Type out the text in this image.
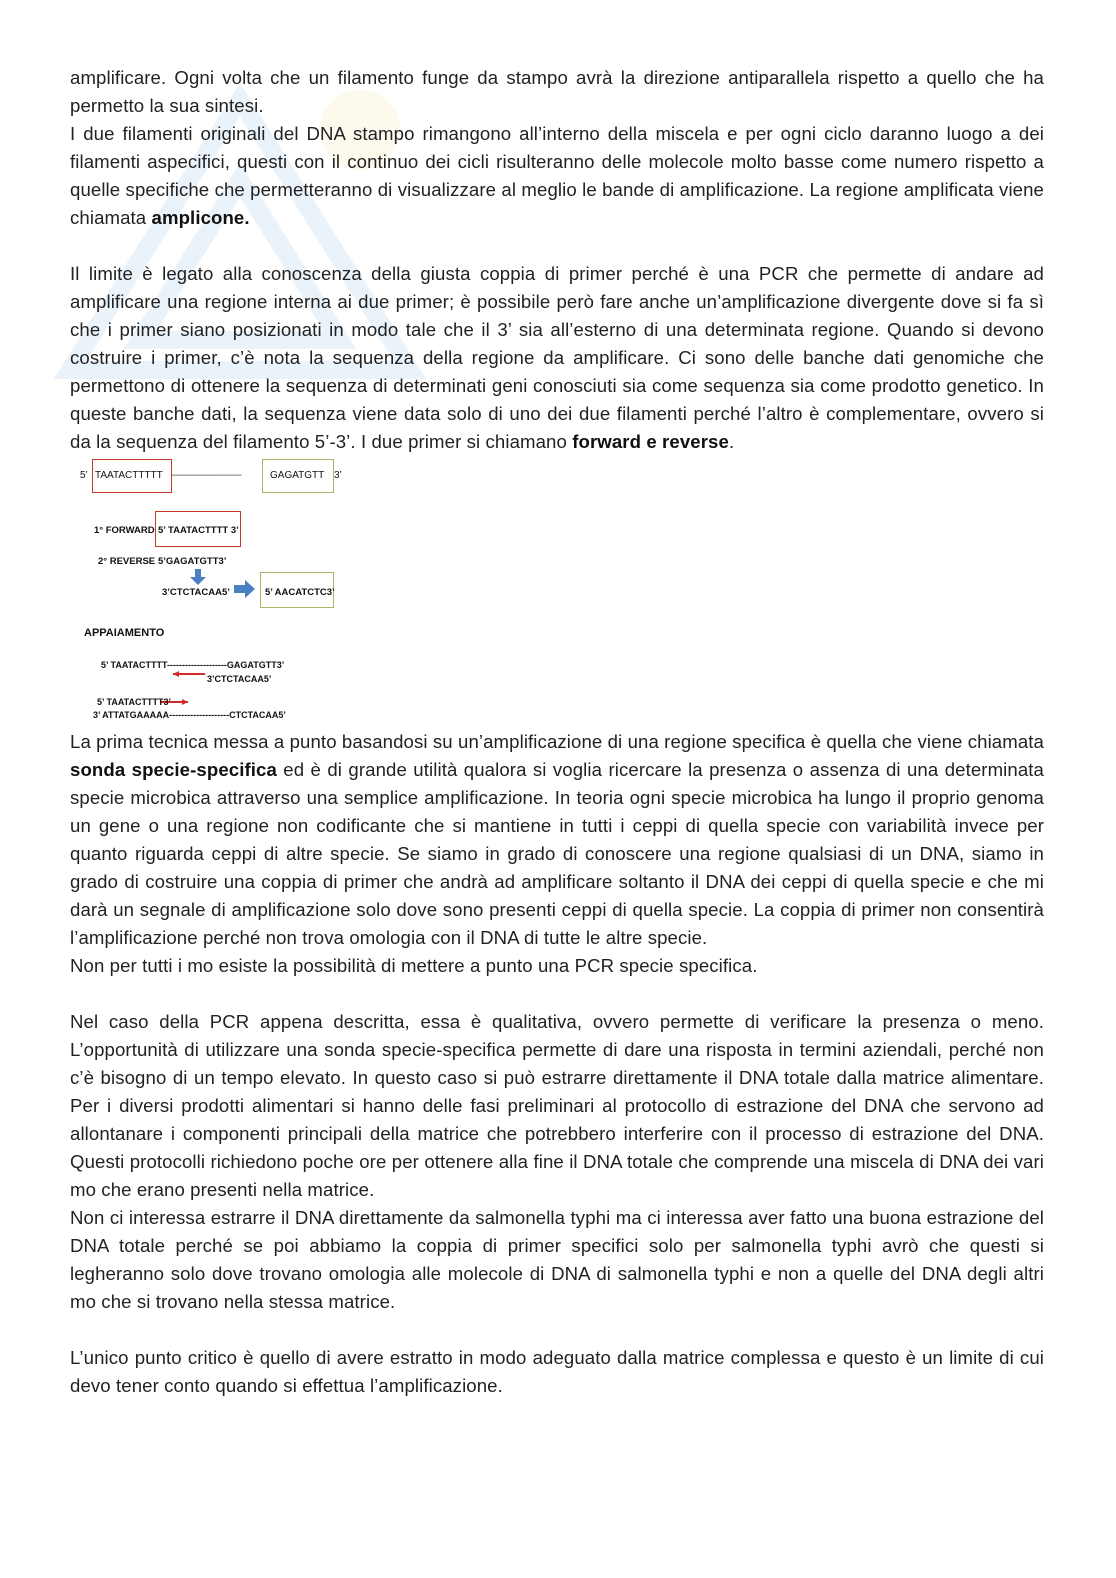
amplificare. Ogni volta che un filamento funge da stampo avrà la direzione antiparallela rispetto a quello che ha permetto la sua sintesi.

I due filamenti originali del DNA stampo rimangono all’interno della miscela e per ogni ciclo daranno luogo a dei filamenti aspecifici, questi con il continuo dei cicli risulteranno delle molecole molto basse come numero rispetto a quelle specifiche che permetteranno di visualizzare al meglio le bande di amplificazione. La regione amplificata viene chiamata amplicone.

Il limite è legato alla conoscenza della giusta coppia di primer perché è una PCR che permette di andare ad amplificare una regione interna ai due primer; è possibile però fare anche un’amplificazione divergente dove si fa sì che i primer siano posizionati in modo tale che il 3’ sia all’esterno di una determinata regione. Quando si devono costruire i primer, c’è nota la sequenza della regione da amplificare. Ci sono delle banche dati genomiche che permettono di ottenere la sequenza di determinati geni conosciuti sia come sequenza sia come prodotto genetico. In queste banche dati, la sequenza viene data solo di uno dei due filamenti perché l’altro è complementare, ovvero si da la sequenza del filamento 5’-3’. I due primer si chiamano forward e reverse.

5’ TAATACTTTTT ------------------------------	GAGATGTT 3’
1° FORWARD 5’ TAATACTTTT 3’
2° REVERSE 5’GAGATGTT3’
3’CTCTACAA5’	5’ AACATCTC3’
APPAIAMENTO
5’ TAATACTTTT--------------------GAGATGTT3’
3’CTCTACAA5’
5’ TAATACTTTT3’
3’ ATTATGAAAAA--------------------CTCTACAA5’

La prima tecnica messa a punto basandosi su un’amplificazione di una regione specifica è quella che viene chiamata sonda specie-specifica ed è di grande utilità qualora si voglia ricercare la presenza o assenza di una determinata specie microbica attraverso una semplice amplificazione. In teoria ogni specie microbica ha lungo il proprio genoma un gene o una regione non codificante che si mantiene in tutti i ceppi di quella specie con variabilità invece per quanto riguarda ceppi di altre specie. Se siamo in grado di conoscere una regione qualsiasi di un DNA, siamo in grado di costruire una coppia di primer che andrà ad amplificare soltanto il DNA dei ceppi di quella specie e che mi darà un segnale di amplificazione solo dove sono presenti ceppi di quella specie. La coppia di primer non consentirà l’amplificazione perché non trova omologia con il DNA di tutte le altre specie.

Non per tutti i mo esiste la possibilità di mettere a punto una PCR specie specifica.

Nel caso della PCR appena descritta, essa è qualitativa, ovvero permette di verificare la presenza o meno. L’opportunità di utilizzare una sonda specie-specifica permette di dare una risposta in termini aziendali, perché non c’è bisogno di un tempo elevato. In questo caso si può estrarre direttamente il DNA totale dalla matrice alimentare. Per i diversi prodotti alimentari si hanno delle fasi preliminari al protocollo di estrazione del DNA che servono ad allontanare i componenti principali della matrice che potrebbero interferire con il processo di estrazione del DNA. Questi protocolli richiedono poche ore per ottenere alla fine il DNA totale che comprende una miscela di DNA dei vari mo che erano presenti nella matrice.

Non ci interessa estrarre il DNA direttamente da salmonella typhi ma ci interessa aver fatto una buona estrazione del DNA totale perché se poi abbiamo la coppia di primer specifici solo per salmonella typhi avrò che questi si legheranno solo dove trovano omologia alle molecole di DNA di salmonella typhi e non a quelle del DNA degli altri mo che si trovano nella stessa matrice.

L’unico punto critico è quello di avere estratto in modo adeguato dalla matrice complessa e questo è un limite di cui devo tener conto quando si effettua l’amplificazione.
